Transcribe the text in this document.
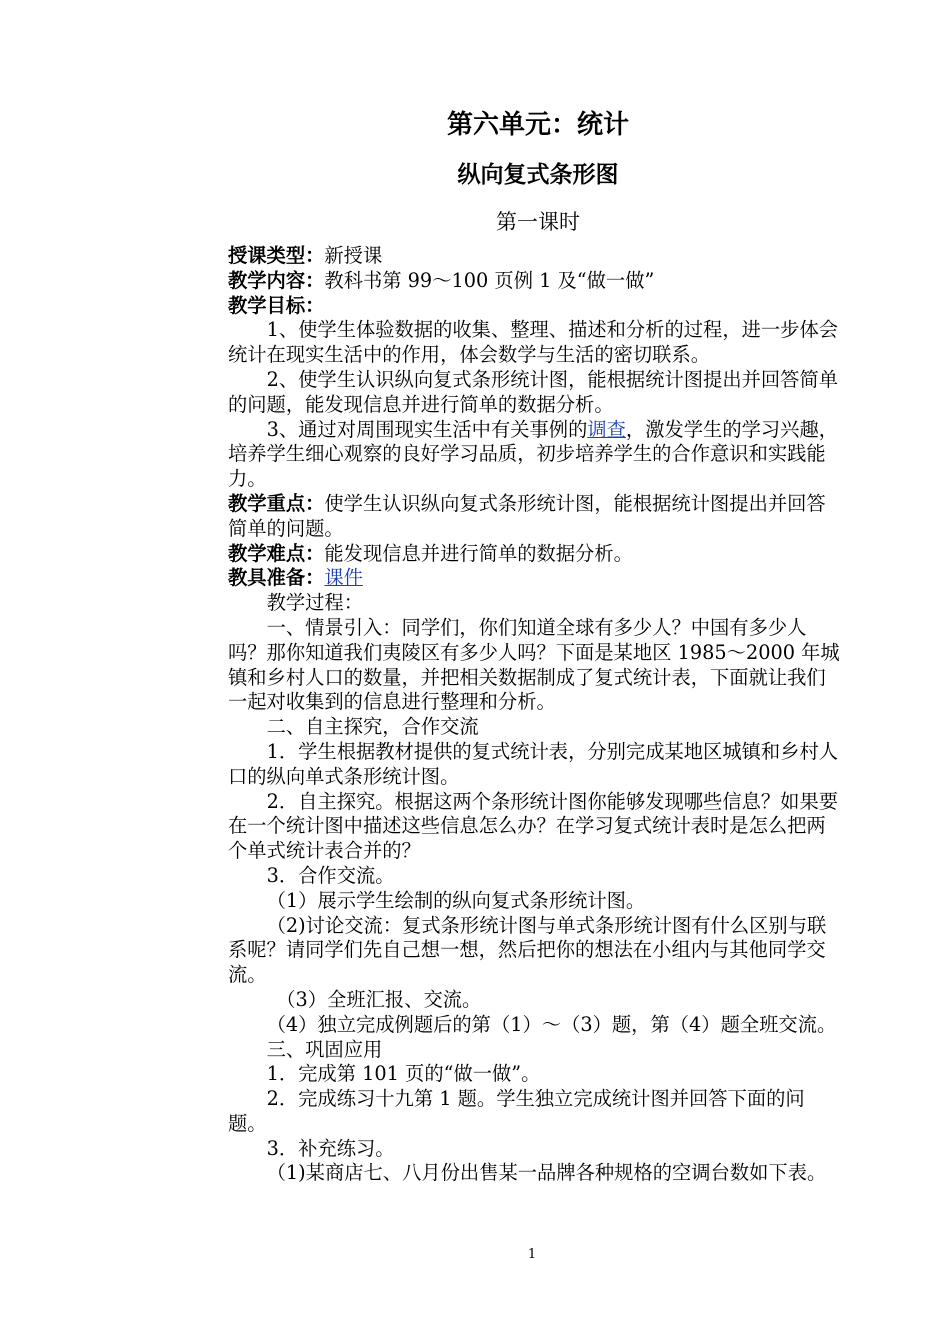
第六单元：统计
纵向复式条形图
第一课时

授课类型：新授课

教学内容：教科书第 99～100 页例 1 及“做一做”

教学目标：

1、使学生体验数据的收集、整理、描述和分析的过程，进一步体会统计在现实生活中的作用，体会数学与生活的密切联系。

2、使学生认识纵向复式条形统计图，能根据统计图提出并回答简单的问题，能发现信息并进行简单的数据分析。

3、通过对周围现实生活中有关事例的调查，激发学生的学习兴趣，培养学生细心观察的良好学习品质，初步培养学生的合作意识和实践能力。

教学重点：使学生认识纵向复式条形统计图，能根据统计图提出并回答简单的问题。

教学难点：能发现信息并进行简单的数据分析。

教具准备：课件

教学过程：

一、情景引入：同学们，你们知道全球有多少人？中国有多少人吗？那你知道我们夷陵区有多少人吗？下面是某地区 1985～2000 年城镇和乡村人口的数量，并把相关数据制成了复式统计表，下面就让我们一起对收集到的信息进行整理和分析。

二、自主探究，合作交流

1．学生根据教材提供的复式统计表，分别完成某地区城镇和乡村人口的纵向单式条形统计图。

2．自主探究。根据这两个条形统计图你能够发现哪些信息？如果要在一个统计图中描述这些信息怎么办？在学习复式统计表时是怎么把两个单式统计表合并的？

3．合作交流。

（1）展示学生绘制的纵向复式条形统计图。

（2)讨论交流：复式条形统计图与单式条形统计图有什么区别与联系呢？请同学们先自己想一想，然后把你的想法在小组内与其他同学交流。

（3）全班汇报、交流。

（4）独立完成例题后的第（1）～（3）题，第（4）题全班交流。

三、巩固应用

1．完成第 101 页的“做一做”。

2．完成练习十九第 1 题。学生独立完成统计图并回答下面的问题。

3．补充练习。

（1)某商店七、八月份出售某一品牌各种规格的空调台数如下表。

1
